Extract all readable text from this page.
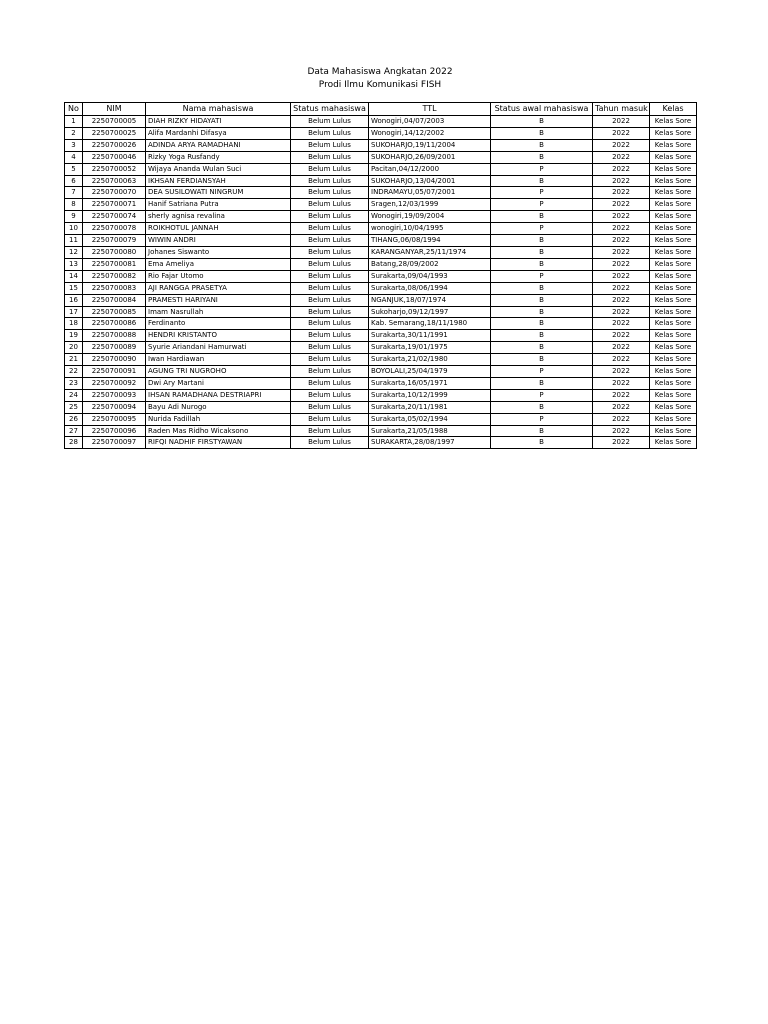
Data Mahasiswa Angkatan 2022
Prodi Ilmu Komunikasi FISH
No	NIM	Nama mahasiswa	Status mahasiswa	TTL	Status awal mahasiswa	Tahun masuk	Kelas
1	2250700005	DIAH RIZKY HIDAYATI	Belum Lulus	Wonogiri,04/07/2003	B	2022	Kelas Sore
2	2250700025	Alifa Mardanhi Difasya	Belum Lulus	Wonogiri,14/12/2002	B	2022	Kelas Sore
3	2250700026	ADINDA ARYA RAMADHANI	Belum Lulus	SUKOHARJO,19/11/2004	B	2022	Kelas Sore
4	2250700046	Rizky Yoga Rusfandy	Belum Lulus	SUKOHARJO,26/09/2001	B	2022	Kelas Sore
5	2250700052	Wijaya Ananda Wulan Suci	Belum Lulus	Pacitan,04/12/2000	P	2022	Kelas Sore
6	2250700063	IKHSAN FERDIANSYAH	Belum Lulus	SUKOHARJO,13/04/2001	B	2022	Kelas Sore
7	2250700070	DEA SUSILOWATI NINGRUM	Belum Lulus	INDRAMAYU,05/07/2001	P	2022	Kelas Sore
8	2250700071	Hanif Satriana Putra	Belum Lulus	Sragen,12/03/1999	P	2022	Kelas Sore
9	2250700074	sherly agnisa revalina	Belum Lulus	Wonogiri,19/09/2004	B	2022	Kelas Sore
10	2250700078	ROIKHOTUL JANNAH	Belum Lulus	wonogiri,10/04/1995	P	2022	Kelas Sore
11	2250700079	WIWIN ANDRI	Belum Lulus	TIHANG,06/08/1994	B	2022	Kelas Sore
12	2250700080	Johanes Siswanto	Belum Lulus	KARANGANYAR,25/11/1974	B	2022	Kelas Sore
13	2250700081	Ema Ameliya	Belum Lulus	Batang,28/09/2002	B	2022	Kelas Sore
14	2250700082	Rio Fajar Utomo	Belum Lulus	Surakarta,09/04/1993	P	2022	Kelas Sore
15	2250700083	AJI RANGGA PRASETYA	Belum Lulus	Surakarta,08/06/1994	B	2022	Kelas Sore
16	2250700084	PRAMESTI HARIYANI	Belum Lulus	NGANJUK,18/07/1974	B	2022	Kelas Sore
17	2250700085	Imam Nasrullah	Belum Lulus	Sukoharjo,09/12/1997	B	2022	Kelas Sore
18	2250700086	Ferdinanto	Belum Lulus	Kab. Semarang,18/11/1980	B	2022	Kelas Sore
19	2250700088	HENDRI KRISTANTO	Belum Lulus	Surakarta,30/11/1991	B	2022	Kelas Sore
20	2250700089	Syurie Ariandani Hamurwati	Belum Lulus	Surakarta,19/01/1975	B	2022	Kelas Sore
21	2250700090	Iwan Hardiawan	Belum Lulus	Surakarta,21/02/1980	B	2022	Kelas Sore
22	2250700091	AGUNG TRI NUGROHO	Belum Lulus	BOYOLALI,25/04/1979	P	2022	Kelas Sore
23	2250700092	Dwi Ary Martani	Belum Lulus	Surakarta,16/05/1971	B	2022	Kelas Sore
24	2250700093	IHSAN RAMADHANA DESTRIAPRI	Belum Lulus	Surakarta,10/12/1999	P	2022	Kelas Sore
25	2250700094	Bayu Adi Nurogo	Belum Lulus	Surakarta,20/11/1981	B	2022	Kelas Sore
26	2250700095	Nurida Fadillah	Belum Lulus	Surakarta,05/02/1994	P	2022	Kelas Sore
27	2250700096	Raden Mas Ridho Wicaksono	Belum Lulus	Surakarta,21/05/1988	B	2022	Kelas Sore
28	2250700097	RIFQI NADHIF FIRSTYAWAN	Belum Lulus	SURAKARTA,28/08/1997	B	2022	Kelas Sore
